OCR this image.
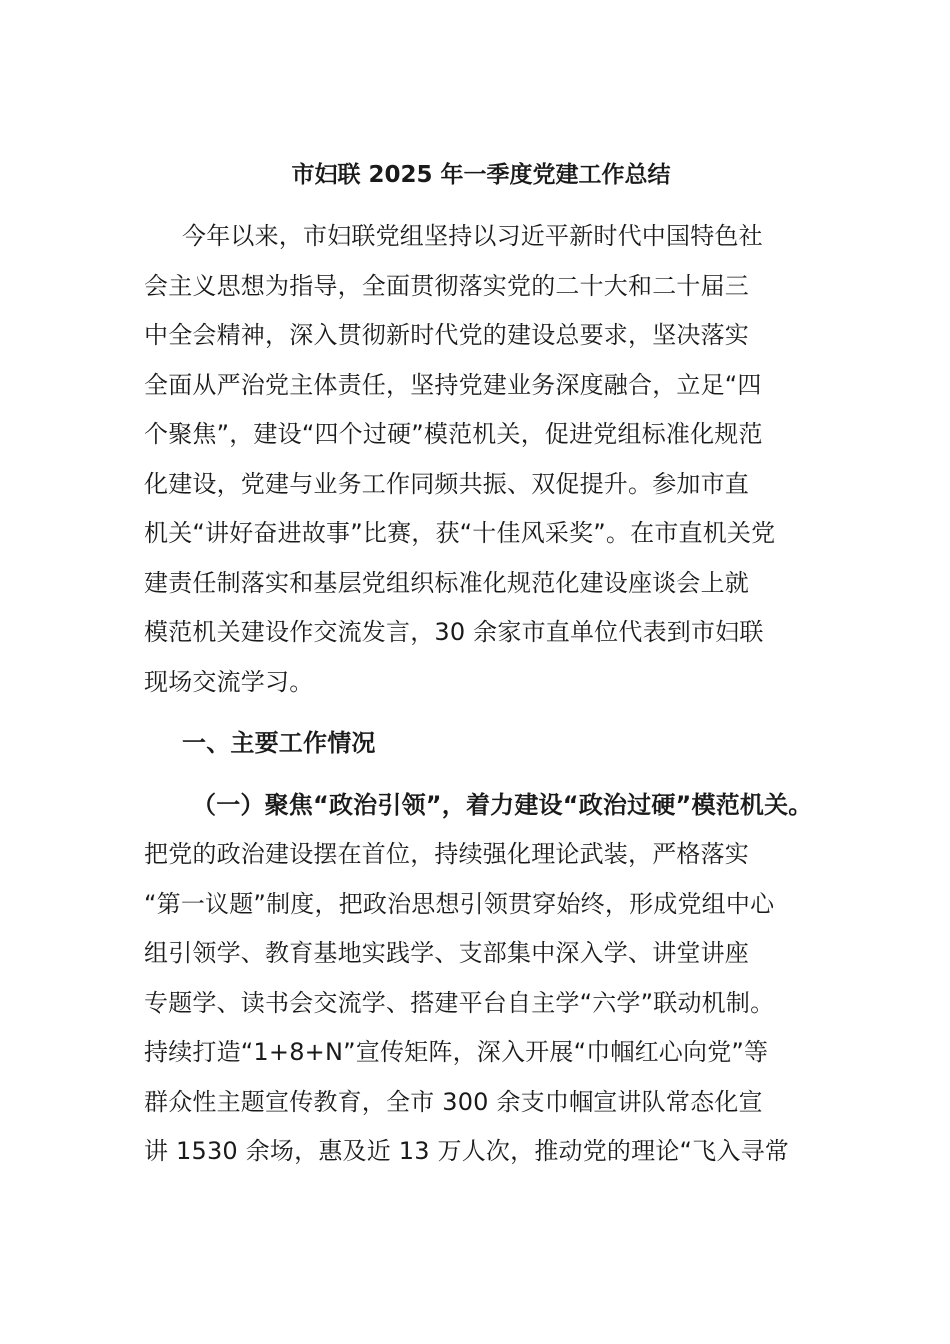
市妇联 2025 年一季度党建工作总结
今年以来，市妇联党组坚持以习近平新时代中国特色社
会主义思想为指导，全面贯彻落实党的二十大和二十届三
中全会精神，深入贯彻新时代党的建设总要求，坚决落实
全面从严治党主体责任，坚持党建业务深度融合，立足“四
个聚焦”，建设“四个过硬”模范机关，促进党组标准化规范
化建设，党建与业务工作同频共振、双促提升。参加市直
机关“讲好奋进故事”比赛，获“十佳风采奖”。在市直机关党
建责任制落实和基层党组织标准化规范化建设座谈会上就
模范机关建设作交流发言，30 余家市直单位代表到市妇联
现场交流学习。
一、主要工作情况
（一）聚焦“政治引领”，着力建设“政治过硬”模范机关。
把党的政治建设摆在首位，持续强化理论武装，严格落实
“第一议题”制度，把政治思想引领贯穿始终，形成党组中心
组引领学、教育基地实践学、支部集中深入学、讲堂讲座
专题学、读书会交流学、搭建平台自主学“六学”联动机制。
持续打造“1+8+N”宣传矩阵，深入开展“巾帼红心向党”等
群众性主题宣传教育，全市 300 余支巾帼宣讲队常态化宣
讲 1530 余场，惠及近 13 万人次，推动党的理论“飞入寻常
